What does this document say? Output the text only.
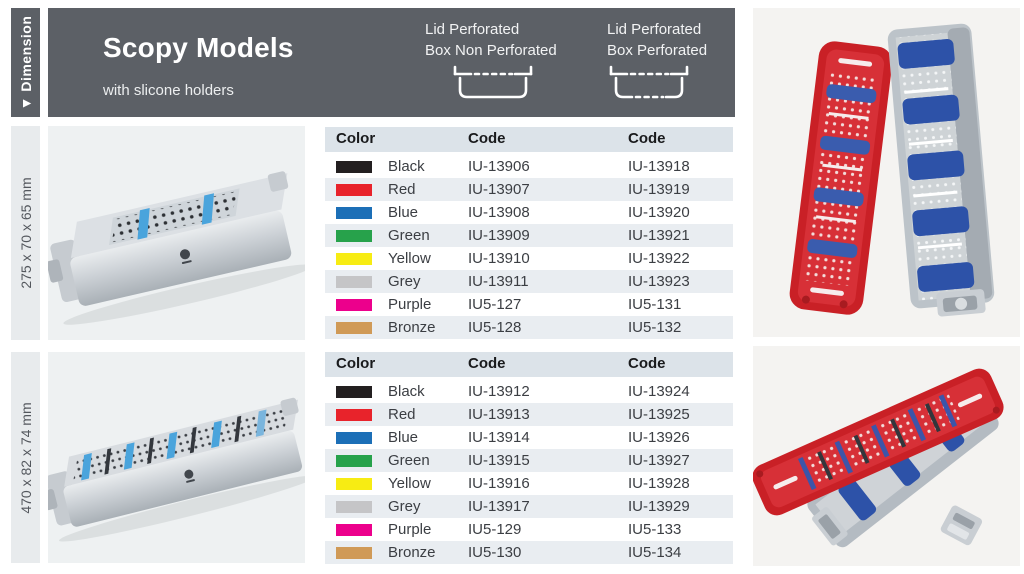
▼ Dimension Scopy Models
with slicone holders
Lid Perforated
Box Non Perforated
Lid Perforated
Box Perforated
275 x 70 x 65 mm
Color	Code	Code
Black	IU-13906	IU-13918
Red	IU-13907	IU-13919
Blue	IU-13908	IU-13920
Green	IU-13909	IU-13921
Yellow IU-13910	IU-13922
Grey	IU-13911	IU-13923
Purple IU5-127	IU5-131
Bronze IU5-128	IU5-132
470 x 82 x 74 mm
Color	Code	Code
Black	IU-13912	IU-13924
Red	IU-13913	IU-13925
Blue	IU-13914	IU-13926
Green	IU-13915	IU-13927
Yellow IU-13916	IU-13928
Grey	IU-13917	IU-13929
Purple IU5-129	IU5-133
Bronze IU5-130	IU5-134
